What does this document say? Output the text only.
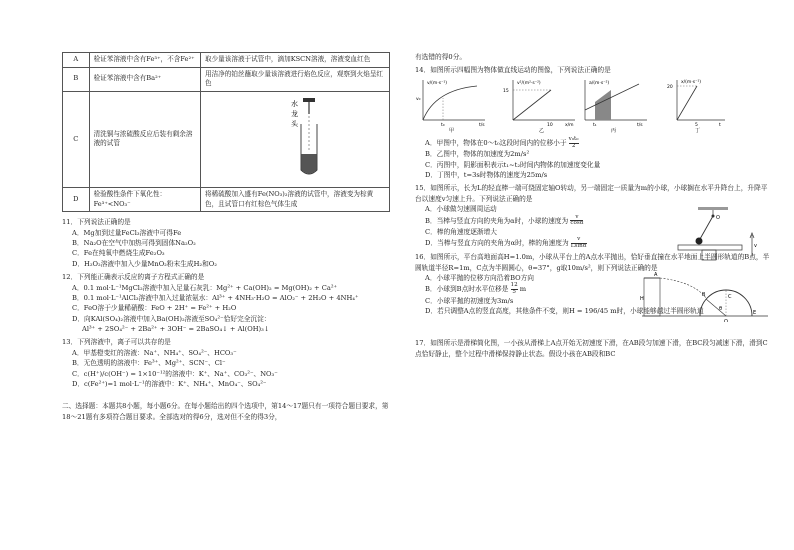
A	检证苯溶液中含有Fe³⁺，不含Fe²⁺	取少量该溶液于试管中，滴加KSCN溶液，溶液变血红色
B	检证苯溶液中含有Ba²⁺	用洁净的铂丝蘸取少量该溶液进行焰色反应，观察到火焰呈红色
C	清洗铜与浓硫酸反应后装有剩余溶液的试管	水
龙
头

D	检验酸性条件下氧化性：Fe³⁺<NO₃⁻	将稀硫酸加入盛有Fe(NO₃)₂溶液的试管中，溶液变为棕黄色，且试管口有红棕色气体生成
11．下列说法正确的是
A．Mg加到过量FeCl₃溶液中可得Fe
B．Na₂O在空气中加热可得到固体Na₂O₂
C．Fe在纯氧中燃烧生成Fe₂O₃
D．H₂O₂溶液中加入少量MnO₂粉末生成H₂和O₂
12．下列能正确表示反应的离子方程式正确的是
A．0.1 mol·L⁻¹MgCl₂溶液中加入足量石灰乳：Mg²⁺ + Ca(OH)₂ = Mg(OH)₂ + Ca²⁺
B．0.1 mol·L⁻¹AlCl₃溶液中加入过量浓氨水：Al³⁺ + 4NH₃·H₂O = AlO₂⁻ + 2H₂O + 4NH₄⁺
C．FeO溶于少量稀硝酸：FeO + 2H⁺ = Fe²⁺ + H₂O
D．向KAl(SO₄)₂溶液中加入Ba(OH)₂溶液至SO₄²⁻恰好完全沉淀：
Al³⁺ + 2SO₄²⁻ + 2Ba²⁺ + 3OH⁻ = 2BaSO₄↓ + Al(OH)₃↓
13．下列溶液中，离子可以共存的是
A．甲基橙变红的溶液：Na⁺、NH₄⁺、SO₄²⁻、HCO₃⁻
B．无色透明的溶液中：Fe³⁺、Mg²⁺、SCN⁻、Cl⁻
C．c(H⁺)/c(OH⁻) = 1×10⁻¹²的溶液中：K⁺、Na⁺、CO₃²⁻、NO₃⁻
D．c(Fe²⁺)=1 mol·L⁻¹的溶液中：K⁺、NH₄⁺、MnO₄⁻、SO₄²⁻
二、选择题：本题共8小题，每小题6分。在每小题给出的四个选项中，第14～17题只有一项符合题目要求，第18～21题有多项符合题目要求。全部选对的得6分，选对但不全的得3分，
有选错的得0分。
14．如图所示四幅图为物体做直线运动的图像，下列说法正确的是
v/(m·s⁻¹)
v₀
t₀	t/s
甲
v²/(m²·s⁻²)
15
10	x/m
乙
a/(m·s⁻²)
t₁	t/s
丙
x/(m·s⁻¹)
20
5	t
丁
A．甲图中，物体在0～t₀这段时间内的位移小于 $\frac{\text{v₀t₀}}{2}$
B．乙图中，物体的加速度为2m/s²
C．丙图中，阴影面积表示t₁~t₂时间内物体的加速度变化量
D．丁图中，t=3s时物体的速度为25m/s
15．如图所示，长为L的轻直棒一端可绕固定轴O转动，另一端固定一质量为m的小球，小球搁在水平升降台上，升降平台以速度v匀速上升。下列说法正确的是
A．小球做匀速圆周运动
B．当棒与竖直方向的夹角为α时，小球的速度为 $\frac{v}{\cos\alpha}$
C．棒的角速度逐渐增大
D．当棒与竖直方向的夹角为α时，棒的角速度为 $\frac{v}{Lsin\alpha}$
O
v
16．如图所示，平台高地面高H=1.0m，小球从平台上的A点水平抛出，恰好垂直撞在水平地面上半圆形轨道的B点，半圆轨道半径R=1m，C点为半圆圆心，θ=37°，g取10m/s²，则下列说法正确的是
A．小球平抛的位移方向沿着BO方向
B．小球到B点时水平位移是 $\frac{12}{5}$ m
C．小球平抛的初速度为3m/s
D．若只调整A点的竖直高度，其他条件不变，则H = 196/45 m时，小球能够越过半圆形轨道
A
H
B	C
E
O
θ
17．如图所示是滑梯简化图，一小孩从滑梯上A点开始无初速度下滑，在AB段匀加速下滑，在BC段匀减速下滑，滑到C点恰好静止，整个过程中滑梯保持静止状态。假设小孩在AB段和BC
